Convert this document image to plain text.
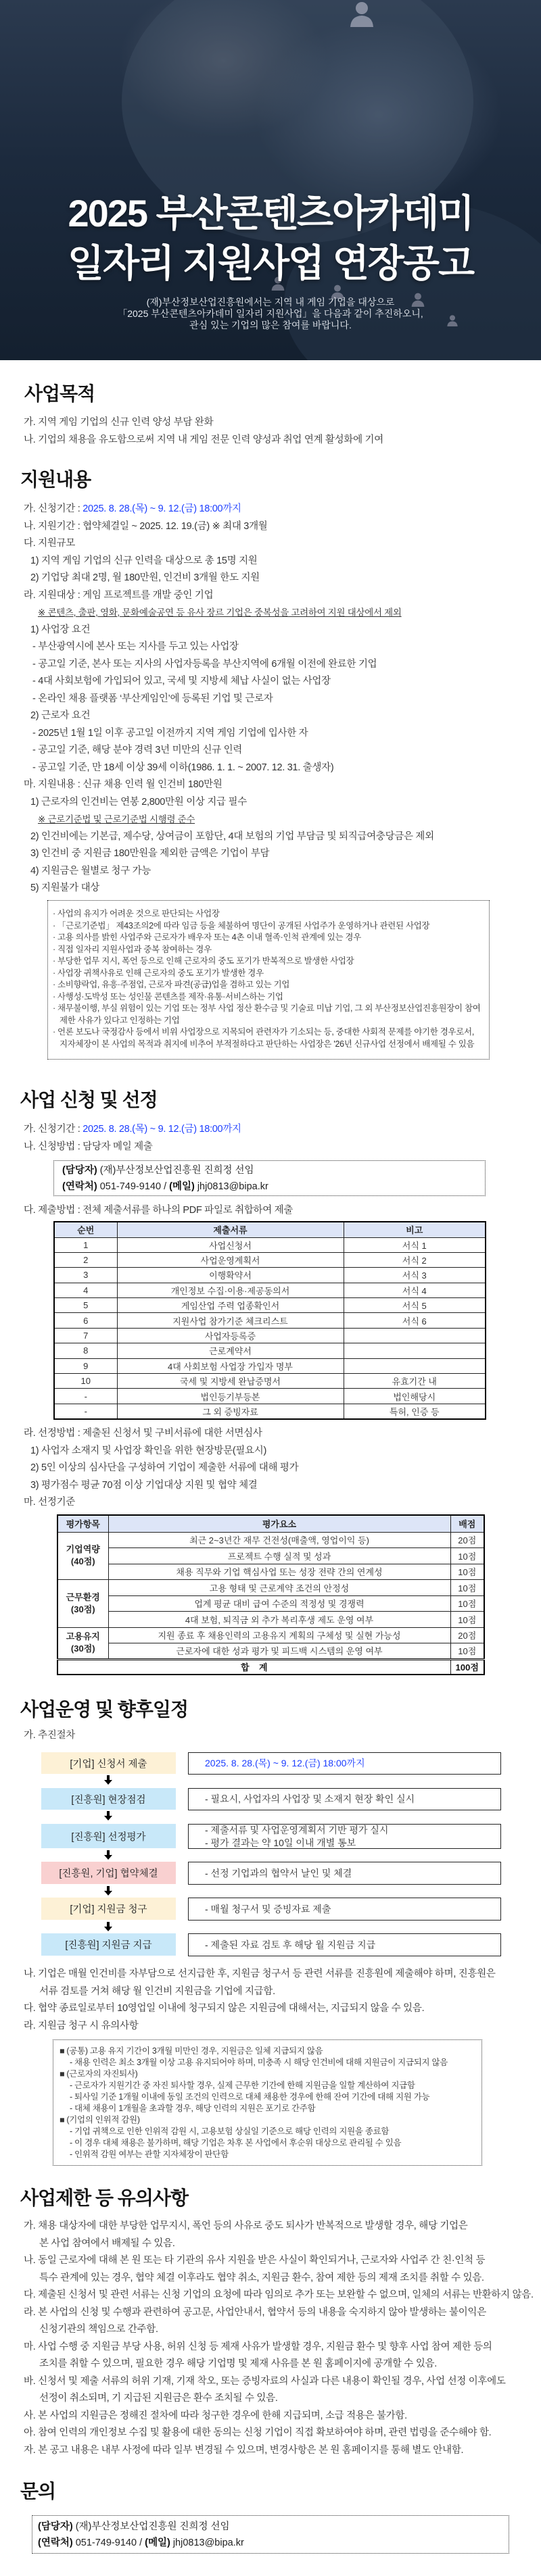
2025 부산콘텐츠아카데미
일자리 지원사업 연장공고
(재)부산정보산업진흥원에서는 지역 내 게임 기업을 대상으로
「2025 부산콘텐츠아카데미 일자리 지원사업」을 다음과 같이 추진하오니,
관심 있는 기업의 많은 참여를 바랍니다.
사업목적
가. 지역 게임 기업의 신규 인력 양성 부담 완화
나. 기업의 채용을 유도함으로써 지역 내 게임 전문 인력 양성과 취업 연계 활성화에 기여
지원내용
가. 신청기간 : 2025. 8. 28.(목) ~ 9. 12.(금) 18:00까지
나. 지원기간 : 협약체결일 ~ 2025. 12. 19.(금) ※ 최대 3개월
다. 지원규모
1) 지역 게임 기업의 신규 인력을 대상으로 총 15명 지원
2) 기업당 최대 2명, 월 180만원, 인건비 3개월 한도 지원
라. 지원대상 : 게임 프로젝트를 개발 중인 기업
※ 콘텐츠, 출판, 영화, 문화예술공연 등 유사 장르 기업은 중복성을 고려하여 지원 대상에서 제외
1) 사업장 요건
- 부산광역시에 본사 또는 지사를 두고 있는 사업장
- 공고일 기준, 본사 또는 지사의 사업자등록을 부산지역에 6개월 이전에 완료한 기업
- 4대 사회보험에 가입되어 있고, 국세 및 지방세 체납 사실이 없는 사업장
- 온라인 채용 플랫폼 ‘부산게임인’에 등록된 기업 및 근로자
2) 근로자 요건
- 2025년 1월 1일 이후 공고일 이전까지 지역 게임 기업에 입사한 자
- 공고일 기준, 해당 분야 경력 3년 미만의 신규 인력
- 공고일 기준, 만 18세 이상 39세 이하(1986. 1. 1. ~ 2007. 12. 31. 출생자)
마. 지원내용 : 신규 채용 인력 월 인건비 180만원
1) 근로자의 인건비는 연봉 2,800만원 이상 지급 필수
※ 근로기준법 및 근로기준법 시행령 준수
2) 인건비에는 기본급, 제수당, 상여금이 포함단, 4대 보험의 기업 부담금 및 퇴직급여충당금은 제외
3) 인건비 중 지원금 180만원을 제외한 금액은 기업이 부담
4) 지원금은 월별로 청구 가능
5) 지원불가 대상
· 사업의 유지가 어려운 것으로 판단되는 사업장
· 「근로기준법」 제43조의2에 따라 임금 등을 체불하여 명단이 공개된 사업주가 운영하거나 관련된 사업장
· 고용 의사를 밝힌 사업주와 근로자가 배우자 또는 4촌 이내 혈족·인척 관계에 있는 경우
· 직접 일자리 지원사업과 중복 참여하는 경우
· 부당한 업무 지시, 폭언 등으로 인해 근로자의 중도 포기가 반복적으로 발생한 사업장
· 사업장 귀책사유로 인해 근로자의 중도 포기가 발생한 경우
· 소비향락업, 유흥·주점업, 근로자 파견(공급)업을 겸하고 있는 기업
· 사행성·도박성 또는 성인물 콘텐츠를 제작·유통·서비스하는 기업
· 채무불이행, 부실 위험이 있는 기업 또는 정부 사업 정산 환수금 및 기술료 미납 기업, 그 외 부산정보산업진흥원장이 참여
제한 사유가 있다고 인정하는 기업
· 언론 보도나 국정감사 등에서 비위 사업장으로 지목되어 관련자가 기소되는 등, 중대한 사회적 문제를 야기한 경우로서,
지자체장이 본 사업의 목적과 취지에 비추어 부적절하다고 판단하는 사업장은 '26년 신규사업 선정에서 배제될 수 있음
사업 신청 및 선정
가. 신청기간 : 2025. 8. 28.(목) ~ 9. 12.(금) 18:00까지
나. 신청방법 : 담당자 메일 제출
(담당자) (재)부산정보산업진흥원 진희정 선임
(연락처) 051-749-9140 / (메일) jhj0813@bipa.kr
다. 제출방법 : 전체 제출서류를 하나의 PDF 파일로 취합하여 제출
순번	제출서류	비고
1	사업신청서	서식 1
2	사업운영계획서	서식 2
3	이행확약서	서식 3
4	개인정보 수집·이용·제공동의서	서식 4
5	게임산업 주력 업종확인서	서식 5
6	지원사업 참가기준 체크리스트	서식 6
7	사업자등록증	
8	근로계약서	
9	4대 사회보험 사업장 가입자 명부	
10	국세 및 지방세 완납증명서	유효기간 내
-	법인등기부등본	법인해당시
-	그 외 증빙자료	특허, 인증 등
라. 선정방법 : 제출된 신청서 및 구비서류에 대한 서면심사
1) 사업자 소재지 및 사업장 확인을 위한 현장방문(필요시)
2) 5인 이상의 심사단을 구성하여 기업이 제출한 서류에 대해 평가
3) 평가점수 평균 70점 이상 기업대상 지원 및 협약 체결
마. 선정기준
평가항목	평가요소	배점

기업역량
(40점)	최근 2~3년간 재무 건전성(매출액, 영업이익 등)	20점
	프로젝트 수행 실적 및 성과	10점
	채용 직무와 기업 핵심사업 또는 성장 전략 간의 연계성	10점

근무환경
(30점)	고용 형태 및 근로계약 조건의 안정성	10점
	업계 평균 대비 급여 수준의 적정성 및 경쟁력	10점
	4대 보험, 퇴직금 외 추가 복리후생 제도 운영 여부	10점

고용유지
(30점)	지원 종료 후 채용인력의 고용유지 계획의 구체성 및 실현 가능성	20점
	근로자에 대한 성과 평가 및 피드백 시스템의 운영 여부	10점
합    계		100점
사업운영 및 향후일정
가. 추진절차
[기업] 신청서 제출	2025. 8. 28.(목) ~ 9. 12.(금) 18:00까지
[진흥원] 현장점검	- 필요시, 사업자의 사업장 및 소재지 현장 확인 실시
[진흥원] 선정평가
- 제출서류 및 사업운영계획서 기반 평가 실시
- 평가 결과는 약 10일 이내 개별 통보
[진흥원, 기업] 협약체결	- 선정 기업과의 협약서 날인 및 체결
[기업] 지원금 청구	- 매월 청구서 및 증빙자료 제출
[진흥원] 지원금 지급	- 제출된 자료 검토 후 해당 월 지원금 지급
나. 기업은 매월 인건비를 자부담으로 선지급한 후, 지원금 청구서 등 관련 서류를 진흥원에 제출해야 하며, 진흥원은
서류 검토를 거쳐 해당 월 인건비 지원금을 기업에 지급함.
다. 협약 종료일로부터 10영업일 이내에 청구되지 않은 지원금에 대해서는, 지급되지 않을 수 있음.
라. 지원금 청구 시 유의사항
■ (공통) 고용 유지 기간이 3개월 미만인 경우, 지원금은 일체 지급되지 않음
- 채용 인력은 최소 3개월 이상 고용 유지되어야 하며, 미충족 시 해당 인건비에 대해 지원금이 지급되지 않음
■ (근로자의 자진퇴사)
- 근로자가 지원기간 중 자진 퇴사할 경우, 실제 근무한 기간에 한해 지원금을 일할 계산하여 지급함
- 퇴사일 기준 1개월 이내에 동일 조건의 인력으로 대체 채용한 경우에 한해 잔여 기간에 대해 지원 가능
- 대체 채용이 1개월을 초과할 경우, 해당 인력의 지원은 포기로 간주함
■ (기업의 인위적 감원)
- 기업 귀책으로 인한 인위적 감원 시, 고용보험 상실일 기준으로 해당 인력의 지원을 종료함
- 이 경우 대체 채용은 불가하며, 해당 기업은 차후 본 사업에서 후순위 대상으로 관리될 수 있음
- 인위적 감원 여부는 관할 지자체장이 판단함
사업제한 등 유의사항
가. 채용 대상자에 대한 부당한 업무지시, 폭언 등의 사유로 중도 퇴사가 반복적으로 발생할 경우, 해당 기업은
본 사업 참여에서 배제될 수 있음.
나. 동일 근로자에 대해 본 원 또는 타 기관의 유사 지원을 받은 사실이 확인되거나, 근로자와 사업주 간 친·인척 등
특수 관계에 있는 경우, 협약 체결 이후라도 협약 취소, 지원금 환수, 참여 제한 등의 제재 조치를 취할 수 있음.
다. 제출된 신청서 및 관련 서류는 신청 기업의 요청에 따라 임의로 추가 또는 보완할 수 없으며, 일체의 서류는 반환하지 않음.
라. 본 사업의 신청 및 수행과 관련하여 공고문, 사업안내서, 협약서 등의 내용을 숙지하지 않아 발생하는 불이익은
신청기관의 책임으로 간주함.
마. 사업 수행 중 지원금 부당 사용, 허위 신청 등 제재 사유가 발생할 경우, 지원금 환수 및 향후 사업 참여 제한 등의
조치를 취할 수 있으며, 필요한 경우 해당 기업명 및 제재 사유를 본 원 홈페이지에 공개할 수 있음.
바. 신청서 및 제출 서류의 허위 기재, 기재 착오, 또는 증빙자료의 사실과 다른 내용이 확인될 경우, 사업 선정 이후에도
선정이 취소되며, 기 지급된 지원금은 환수 조치될 수 있음.
사. 본 사업의 지원금은 정해진 절차에 따라 청구한 경우에 한해 지급되며, 소급 적용은 불가함.
아. 참여 인력의 개인정보 수집 및 활용에 대한 동의는 신청 기업이 직접 확보하여야 하며, 관련 법령을 준수해야 함.
자. 본 공고 내용은 내부 사정에 따라 일부 변경될 수 있으며, 변경사항은 본 원 홈페이지를 통해 별도 안내함.
문의
(담당자) (재)부산정보산업진흥원 진희정 선임
(연락처) 051-749-9140 / (메일) jhj0813@bipa.kr
